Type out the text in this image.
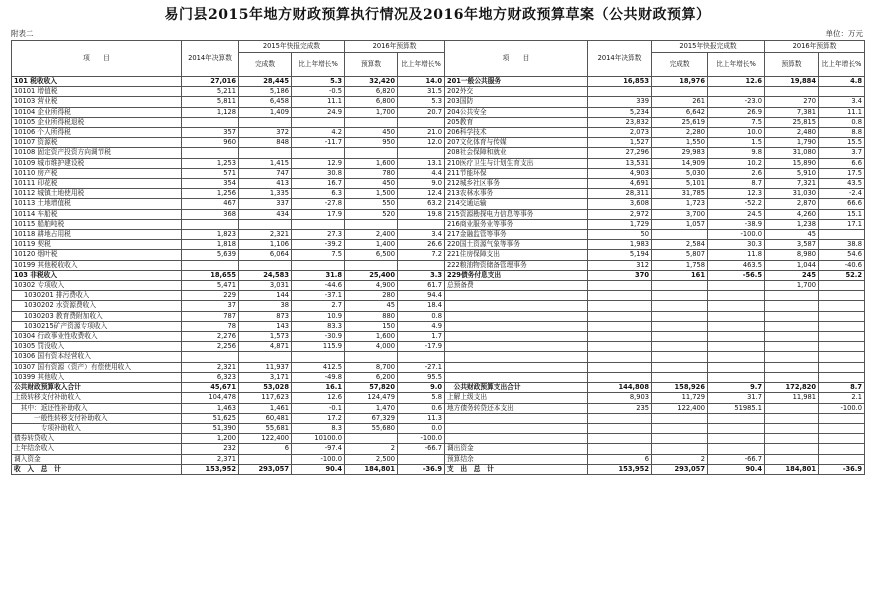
易门县2015年地方财政预算执行情况及2016年地方财政预算草案（公共财政预算）
附表二	单位：万元
项　　目	2014年决算数	2015年快报完成数		2016年预算数		项　　目	2014年决算数	2015年快报完成数		2016年预算数	
		完成数	比上年增长%	预算数	比上年增长%			完成数	比上年增长%	预算数	比上年增长%
101 税收收入	27,016	28,445	5.3	32,420	14.0	201一般公共服务	16,853	18,976	12.6	19,884	4.8
10101 增值税	5,211	5,186	-0.5	6,820	31.5	202外交					
10103 营业税	5,811	6,458	11.1	6,800	5.3	203国防	339	261	-23.0	270	3.4
10104 企业所得税	1,128	1,409	24.9	1,700	20.7	204公共安全	5,234	6,642	26.9	7,381	11.1
10105 企业所得税退税						205教育	23,832	25,619	7.5	25,815	0.8
10106 个人所得税	357	372	4.2	450	21.0	206科学技术	2,073	2,280	10.0	2,480	8.8
10107 资源税	960	848	-11.7	950	12.0	207文化体育与传媒	1,527	1,550	1.5	1,790	15.5
10108 固定资产投资方向调节税						208社会保障和就业	27,296	29,983	9.8	31,080	3.7
10109 城市维护建设税	1,253	1,415	12.9	1,600	13.1	210医疗卫生与计划生育支出	13,531	14,909	10.2	15,890	6.6
10110 房产税	571	747	30.8	780	4.4	211节能环保	4,903	5,030	2.6	5,910	17.5
10111 印花税	354	413	16.7	450	9.0	212城乡社区事务	4,691	5,101	8.7	7,321	43.5
10112 城镇土地使用税	1,256	1,335	6.3	1,500	12.4	213农林水事务	28,311	31,785	12.3	31,030	-2.4
10113 土地增值税	467	337	-27.8	550	63.2	214交通运输	3,608	1,723	-52.2	2,870	66.6
10114 车船税	368	434	17.9	520	19.8	215资源勘探电力信息等事务	2,972	3,700	24.5	4,260	15.1
10115 船舶吨税						216商业服务业等事务	1,729	1,057	-38.9	1,238	17.1
10118 耕地占用税	1,823	2,321	27.3	2,400	3.4	217金融监管等事务	50		-100.0	45	
10119 契税	1,818	1,106	-39.2	1,400	26.6	220国土资源气象等事务	1,983	2,584	30.3	3,587	38.8
10120 烟叶税	5,639	6,064	7.5	6,500	7.2	221住房保障支出	5,194	5,807	11.8	8,980	54.6
10199 其他税收收入						222粮油物资储备管理事务	312	1,758	463.5	1,044	-40.6
103 非税收入	18,655	24,583	31.8	25,400	3.3	229债务付息支出	370	161	-56.5	245	52.2
10302 专项收入	5,471	3,031	-44.6	4,900	61.7	总预备费				1,700	
1030201 排污费收入	229	144	-37.1	280	94.4						
1030202 水资源费收入	37	38	2.7	45	18.4						
1030203 教育费附加收入	787	873	10.9	880	0.8						
1030215矿产资源专项收入	78	143	83.3	150	4.9						
10304 行政事业性收费收入	2,276	1,573	-30.9	1,600	1.7						
10305 罚没收入	2,256	4,871	115.9	4,000	-17.9						
10306 国有资本经营收入											
10307 国有资源（资产）有偿使用收入	2,321	11,937	412.5	8,700	-27.1						
10399 其他收入	6,323	3,171	-49.8	6,200	95.5						
公共财政预算收入合计	45,671	53,028	16.1	57,820	9.0	　公共财政预算支出合计	144,808	158,926	9.7	172,820	8.7
上级转移支付补助收入	104,478	117,623	12.6	124,479	5.8	上解上级支出	8,903	11,729	31.7	11,981	2.1
　其中：返还性补助收入	1,463	1,461	-0.1	1,470	0.6	地方债务转贷还本支出	235	122,400	51985.1		-100.0
　　　一般性转移支付补助收入	51,625	60,481	17.2	67,329	11.3						
　　　　专项补助收入	51,390	55,681	8.3	55,680	0.0						
债券转贷收入	1,200	122,400	10100.0		-100.0						
上年结余收入	232	6	-97.4	2	-66.7	调出资金					
调入资金	2,371		-100.0	2,500		预算结余	6	2	-66.7		
收　入　总　计	153,952	293,057	90.4	184,801	-36.9	支　出　总　计	153,952	293,057	90.4	184,801	-36.9
